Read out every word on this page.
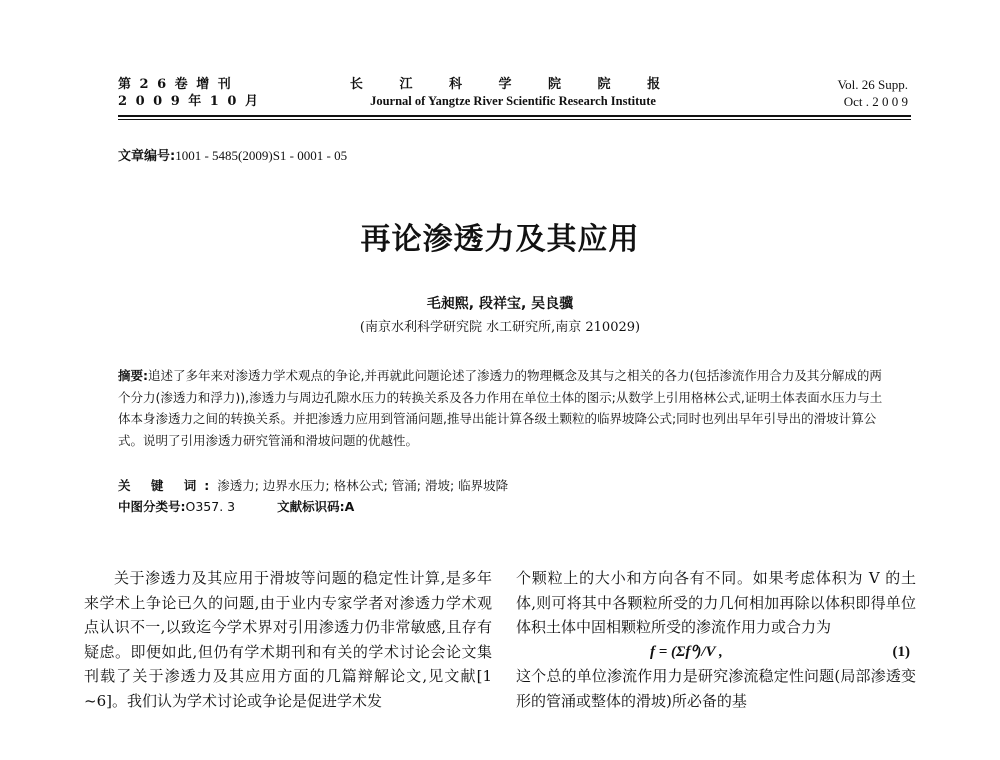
第 2 6 卷 增 刊
2 0 0 9 年 1 0 月
长 江 科 学 院 院 报
Journal of Yangtze River Scientific Research Institute
Vol. 26 Supp.
Oct . 2 0 0 9
文章编号:1001 - 5485(2009)S1 - 0001 - 05
再论渗透力及其应用
毛昶熙, 段祥宝, 吴良骥
(南京水利科学研究院 水工研究所,南京 210029)
摘要:追述了多年来对渗透力学术观点的争论,并再就此问题论述了渗透力的物理概念及其与之相关的各力(包括渗流作用合力及其分解成的两个分力(渗透力和浮力)),渗透力与周边孔隙水压力的转换关系及各力作用在单位土体的图示;从数学上引用格林公式,证明土体表面水压力与土体本身渗透力之间的转换关系。并把渗透力应用到管涌问题,推导出能计算各级土颗粒的临界坡降公式;同时也列出早年引导出的滑坡计算公式。说明了引用渗透力研究管涌和滑坡问题的优越性。
关 键 词:渗透力; 边界水压力; 格林公式; 管涌; 滑坡; 临界坡降
中图分类号:O357. 3	文献标识码:A

关于渗透力及其应用于滑坡等问题的稳定性计算,是多年来学术上争论已久的问题,由于业内专家学者对渗透力学术观点认识不一,以致迄今学术界对引用渗透力仍非常敏感,且存有疑虑。即便如此,但仍有学术期刊和有关的学术讨论会论文集刊载了关于渗透力及其应用方面的几篇辩解论文,见文献[1 ~6]。我们认为学术讨论或争论是促进学术发

个颗粒上的大小和方向各有不同。如果考虑体积为 V 的土体,则可将其中各颗粒所受的力几何相加再除以体积即得单位体积土体中固相颗粒所受的渗流作用力或合力为

f = (Σf⁰)/V ,	(1)

这个总的单位渗流作用力是研究渗流稳定性问题(局部渗透变形的管涌或整体的滑坡)所必备的基
